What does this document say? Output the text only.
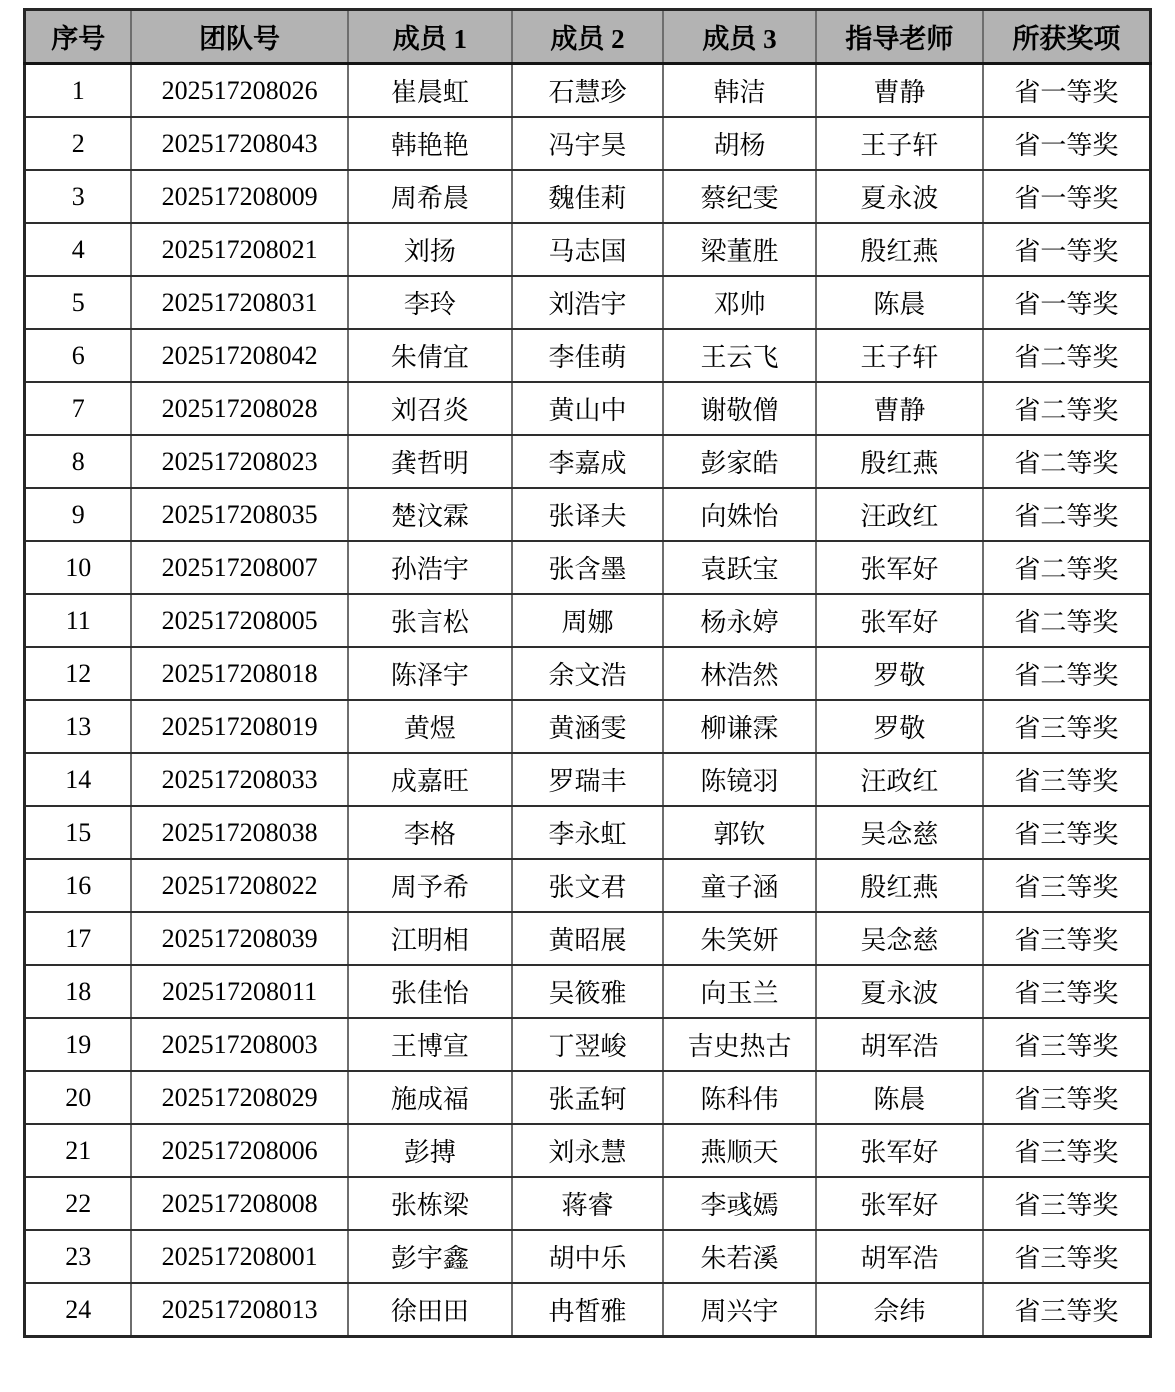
序号	团队号	成员 1	成员 2	成员 3	指导老师	所获奖项
1	202517208026	崔晨虹	石慧珍	韩洁	曹静	省一等奖
2	202517208043	韩艳艳	冯宇昊	胡杨	王子轩	省一等奖
3	202517208009	周希晨	魏佳莉	蔡纪雯	夏永波	省一等奖
4	202517208021	刘扬	马志国	梁董胜	殷红燕	省一等奖
5	202517208031	李玲	刘浩宇	邓帅	陈晨	省一等奖
6	202517208042	朱倩宜	李佳萌	王云飞	王子轩	省二等奖
7	202517208028	刘召炎	黄山中	谢敬僧	曹静	省二等奖
8	202517208023	龚哲明	李嘉成	彭家皓	殷红燕	省二等奖
9	202517208035	楚汶霖	张译夫	向姝怡	汪政红	省二等奖
10	202517208007	孙浩宇	张含墨	袁跃宝	张军好	省二等奖
11	202517208005	张言松	周娜	杨永婷	张军好	省二等奖
12	202517208018	陈泽宇	余文浩	林浩然	罗敬	省二等奖
13	202517208019	黄煜	黄涵雯	柳谦霂	罗敬	省三等奖
14	202517208033	成嘉旺	罗瑞丰	陈镜羽	汪政红	省三等奖
15	202517208038	李格	李永虹	郭钦	吴念慈	省三等奖
16	202517208022	周予希	张文君	童子涵	殷红燕	省三等奖
17	202517208039	江明相	黄昭展	朱笑妍	吴念慈	省三等奖
18	202517208011	张佳怡	吴筱雅	向玉兰	夏永波	省三等奖
19	202517208003	王博宣	丁翌峻	吉史热古	胡军浩	省三等奖
20	202517208029	施成福	张孟轲	陈科伟	陈晨	省三等奖
21	202517208006	彭搏	刘永慧	燕顺天	张军好	省三等奖
22	202517208008	张栋梁	蒋睿	李彧嫣	张军好	省三等奖
23	202517208001	彭宇鑫	胡中乐	朱若溪	胡军浩	省三等奖
24	202517208013	徐田田	冉皙雅	周兴宇	佘纬	省三等奖
